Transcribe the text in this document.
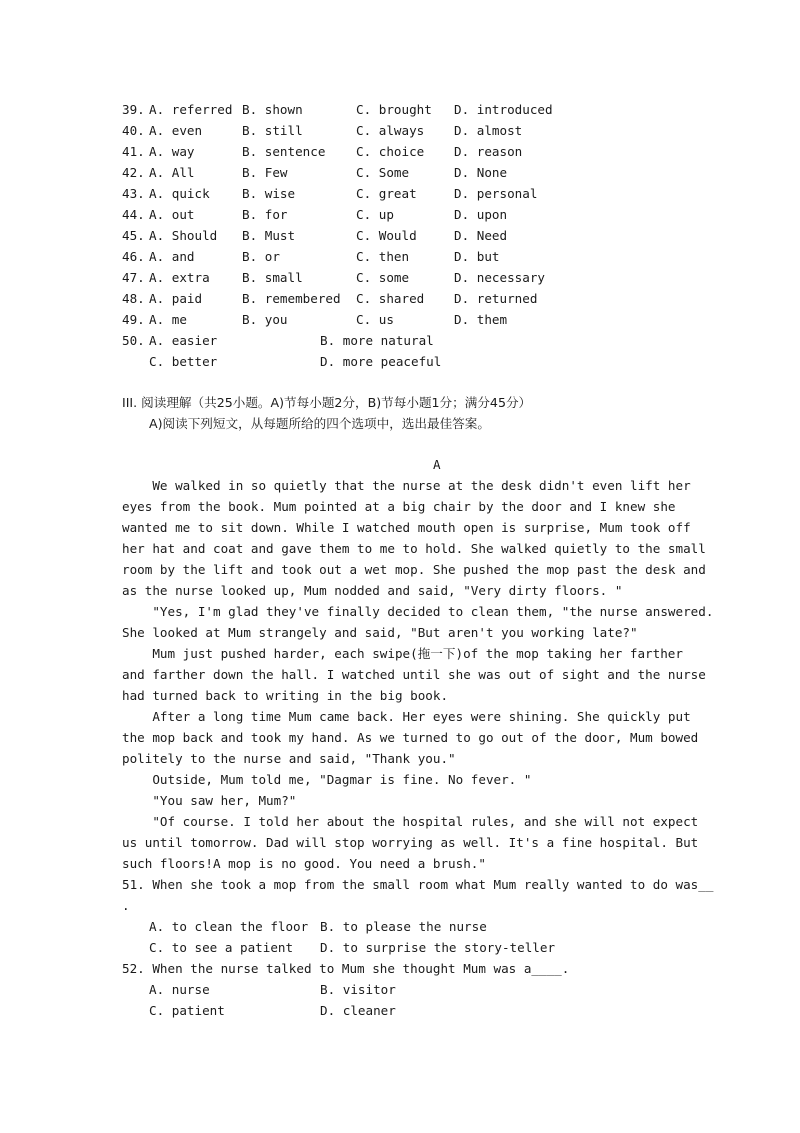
39. A. referred B. shown	C. brought D. introduced
40. A. even	B. still	C. always D. almost
41. A. way	B. sentence C. choice D. reason
42. A. All	B. Few	C. Some	D. None
43. A. quick	B. wise	C. great	D. personal
44. A. out	B. for	C. up	D. upon
45. A. Should B. Must	C. Would	D. Need
46. A. and	B. or	C. then	D. but
47. A. extra	B. small	C. some	D. necessary
48. A. paid	B. remembered C. shared D. returned
49. A. me	B. you	C. us	D. them
50. A. easier	B. more natural
C. better	D. more peaceful
III. 阅读理解（共25小题。A)节每小题2分，B)节每小题1分；满分45分）
A)阅读下列短文，从每题所给的四个选项中，选出最佳答案。
A
We walked in so quietly that the nurse at the desk didn't even lift her
eyes from the book. Mum pointed at a big chair by the door and I knew she
wanted me to sit down. While I watched mouth open is surprise, Mum took off
her hat and coat and gave them to me to hold. She walked quietly to the small
room by the lift and took out a wet mop. She pushed the mop past the desk and
as the nurse looked up, Mum nodded and said, "Very dirty floors. "
"Yes, I'm glad they've finally decided to clean them, "the nurse answered.
She looked at Mum strangely and said, "But aren't you working late?"
Mum just pushed harder, each swipe(拖一下)of the mop taking her farther
and farther down the hall. I watched until she was out of sight and the nurse
had turned back to writing in the big book.
After a long time Mum came back. Her eyes were shining. She quickly put
the mop back and took my hand. As we turned to go out of the door, Mum bowed
politely to the nurse and said, "Thank you."
Outside, Mum told me, "Dagmar is fine. No fever. "
"You saw her, Mum?"
"Of course. I told her about the hospital rules, and she will not expect
us until tomorrow. Dad will stop worrying as well. It's a fine hospital. But
such floors!A mop is no good. You need a brush."
51. When she took a mop from the small room what Mum really wanted to do was__
.
A. to clean the floor B. to please the nurse
C. to see a patient D. to surprise the story-teller
52. When the nurse talked to Mum she thought Mum was a____.
A. nurse	B. visitor
C. patient	D. cleaner
